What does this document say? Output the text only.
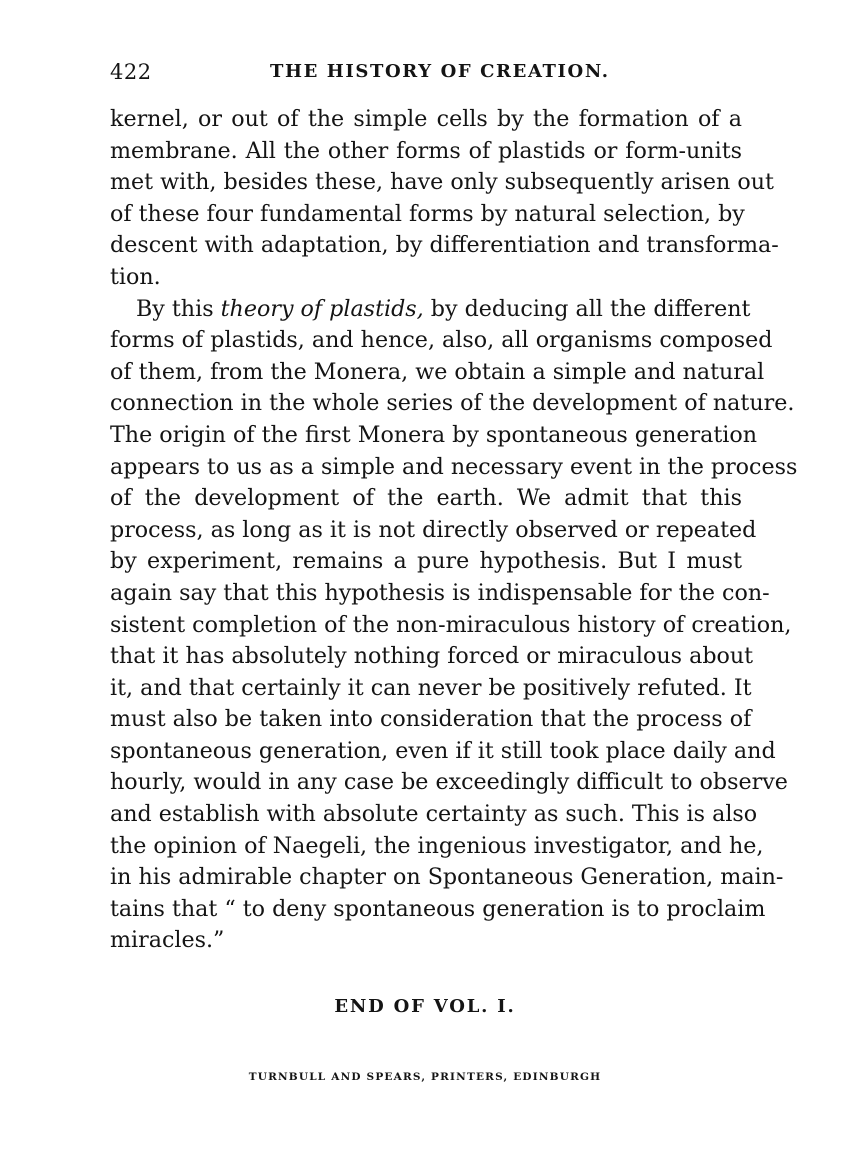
422	THE HISTORY OF CREATION.
kernel, or out of the simple cells by the formation of a
membrane. All the other forms of plastids or form-units
met with, besides these, have only subsequently arisen out
of these four fundamental forms by natural selection, by
descent with adaptation, by differentiation and transforma-
tion.
By this theory of plastids, by deducing all the different
forms of plastids, and hence, also, all organisms composed
of them, from the Monera, we obtain a simple and natural
connection in the whole series of the development of nature.
The origin of the first Monera by spontaneous generation
appears to us as a simple and necessary event in the process
of the development of the earth. We admit that this
process, as long as it is not directly observed or repeated
by experiment, remains a pure hypothesis. But I must
again say that this hypothesis is indispensable for the con-
sistent completion of the non-miraculous history of creation,
that it has absolutely nothing forced or miraculous about
it, and that certainly it can never be positively refuted. It
must also be taken into consideration that the process of
spontaneous generation, even if it still took place daily and
hourly, would in any case be exceedingly difficult to observe
and establish with absolute certainty as such. This is also
the opinion of Naegeli, the ingenious investigator, and he,
in his admirable chapter on Spontaneous Generation, main-
tains that “ to deny spontaneous generation is to proclaim
miracles.”
END OF VOL. I.
TURNBULL AND SPEARS, PRINTERS, EDINBURGH
